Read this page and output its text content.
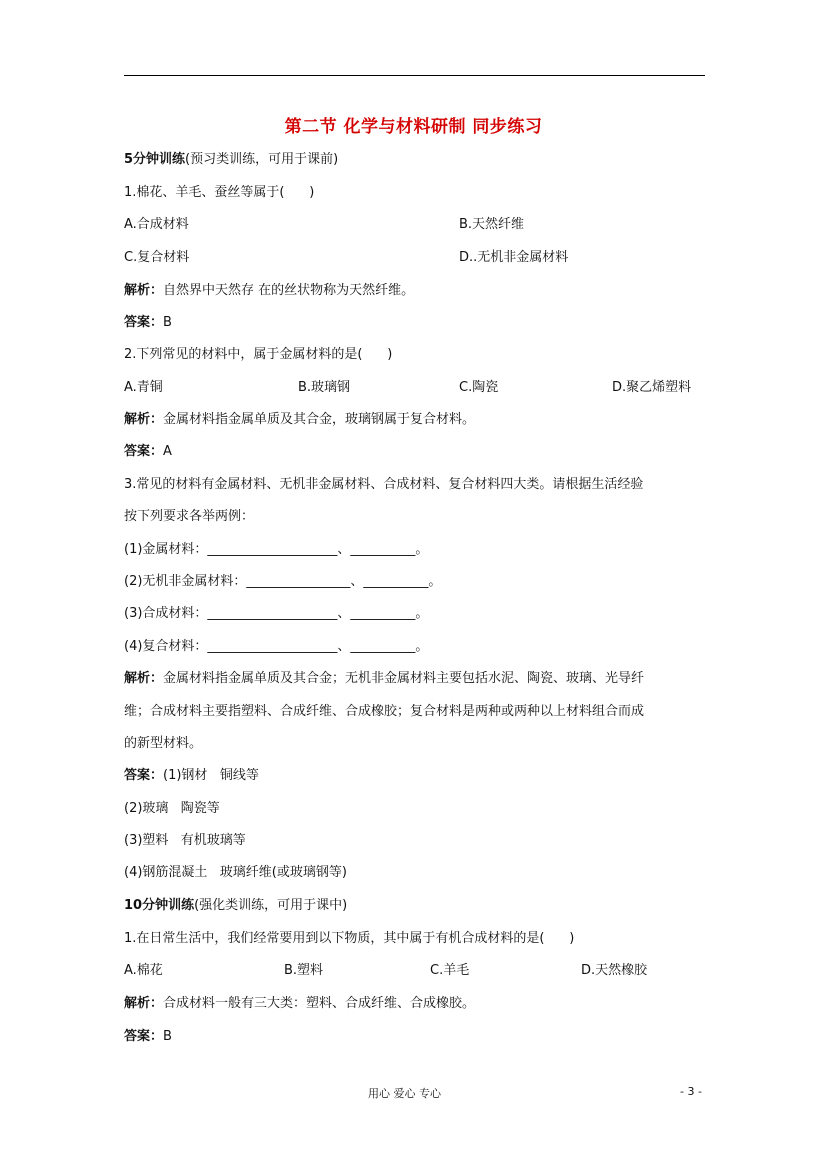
第二节 化学与材料研制 同步练习
5分钟训练(预习类训练，可用于课前)
1.棉花、羊毛、蚕丝等属于(      )
A.合成材料	B.天然纤维
C.复合材料	D..无机非金属材料
解析：自然界中天然存 在的丝状物称为天然纤维。
答案：B
2.下列常见的材料中，属于金属材料的是(      )
A.青铜	B.玻璃钢	C.陶瓷	D.聚乙烯塑料
解析：金属材料指金属单质及其合金，玻璃钢属于复合材料。
答案：A
3.常见的材料有金属材料、无机非金属材料、合成材料、复合材料四大类。请根据生活经验
按下列要求各举两例：
(1)金属材料：____________________、__________。
(2)无机非金属材料：________________、__________。
(3)合成材料：____________________、__________。
(4)复合材料：____________________、__________。
解析：金属材料指金属单质及其合金；无机非金属材料主要包括水泥、陶瓷、玻璃、光导纤
维；合成材料主要指塑料、合成纤维、合成橡胶；复合材料是两种或两种以上材料组合而成
的新型材料。
答案：(1)钢材   铜线等
(2)玻璃   陶瓷等
(3)塑料   有机玻璃等
(4)钢筋混凝土   玻璃纤维(或玻璃钢等)
10分钟训练(强化类训练，可用于课中)
1.在日常生活中，我们经常要用到以下物质，其中属于有机合成材料的是(      )
A.棉花	B.塑料	C.羊毛	D.天然橡胶
解析：合成材料一般有三大类：塑料、合成纤维、合成橡胶。
答案：B
用心 爱心 专心	- 3 -
